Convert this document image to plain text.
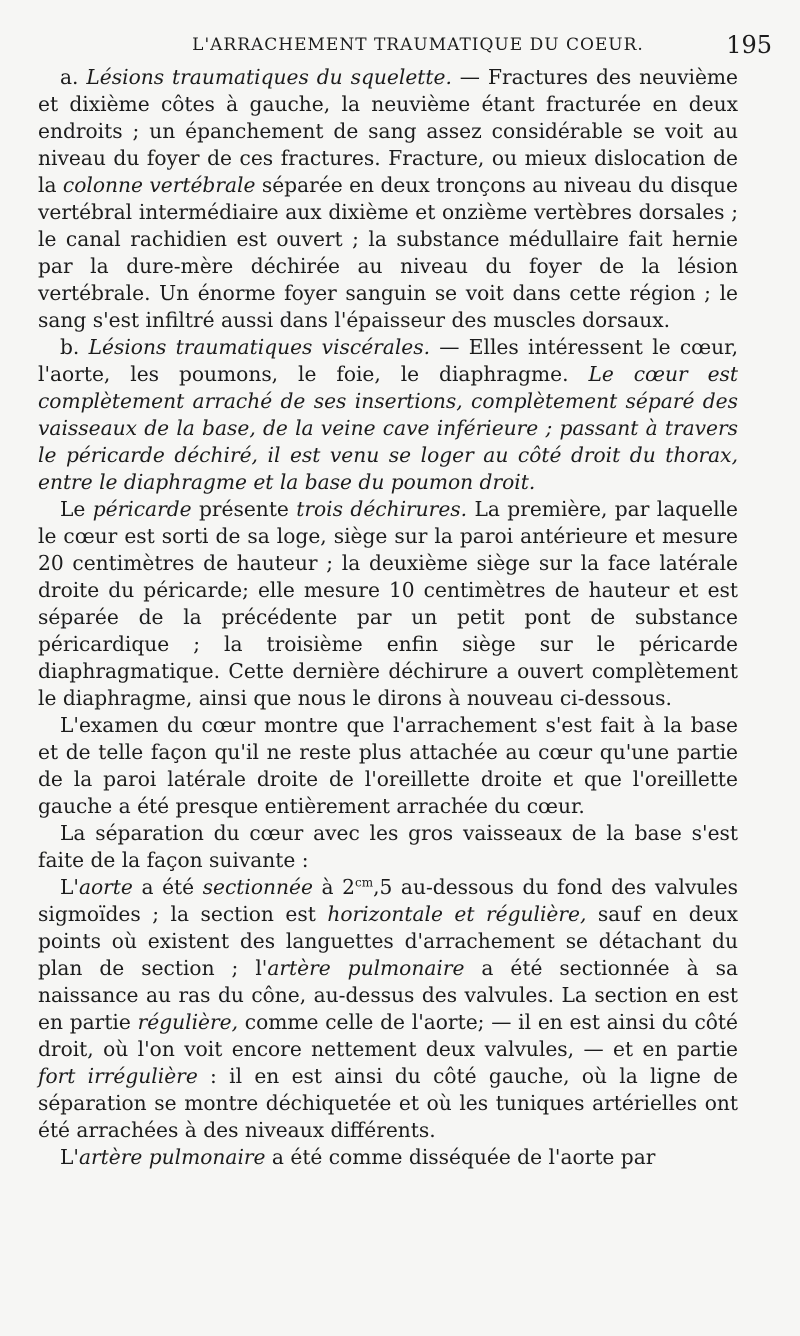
L'ARRACHEMENT TRAUMATIQUE DU COEUR.	195

a. Lésions traumatiques du squelette. — Fractures des neuvième et dixième côtes à gauche, la neuvième étant fracturée en deux endroits ; un épanchement de sang assez considérable se voit au niveau du foyer de ces fractures. Fracture, ou mieux dislocation de la colonne vertébrale séparée en deux tronçons au niveau du disque vertébral intermédiaire aux dixième et onzième vertèbres dorsales ; le canal rachidien est ouvert ; la substance médullaire fait hernie par la dure-mère déchirée au niveau du foyer de la lésion vertébrale. Un énorme foyer sanguin se voit dans cette région ; le sang s'est infiltré aussi dans l'épaisseur des muscles dorsaux.

b. Lésions traumatiques viscérales. — Elles intéressent le cœur, l'aorte, les poumons, le foie, le diaphragme. Le cœur est complètement arraché de ses insertions, complètement séparé des vaisseaux de la base, de la veine cave inférieure ; passant à travers le péricarde déchiré, il est venu se loger au côté droit du thorax, entre le diaphragme et la base du poumon droit.

Le péricarde présente trois déchirures. La première, par laquelle le cœur est sorti de sa loge, siège sur la paroi antérieure et mesure 20 centimètres de hauteur ; la deuxième siège sur la face latérale droite du péricarde; elle mesure 10 centimètres de hauteur et est séparée de la précédente par un petit pont de substance péricardique ; la troisième enfin siège sur le péricarde diaphragmatique. Cette dernière déchirure a ouvert complètement le diaphragme, ainsi que nous le dirons à nouveau ci-dessous.

L'examen du cœur montre que l'arrachement s'est fait à la base et de telle façon qu'il ne reste plus attachée au cœur qu'une partie de la paroi latérale droite de l'oreillette droite et que l'oreillette gauche a été presque entièrement arrachée du cœur.

La séparation du cœur avec les gros vaisseaux de la base s'est faite de la façon suivante :

L'aorte a été sectionnée à $2^{cm},5$ au-dessous du fond des valvules sigmoïdes ; la section est horizontale et régulière, sauf en deux points où existent des languettes d'arrachement se détachant du plan de section ; l'artère pulmonaire a été sectionnée à sa naissance au ras du cône, au-dessus des valvules. La section en est en partie régulière, comme celle de l'aorte; — il en est ainsi du côté droit, où l'on voit encore nettement deux valvules, — et en partie fort irrégulière : il en est ainsi du côté gauche, où la ligne de séparation se montre déchiquetée et où les tuniques artérielles ont été arrachées à des niveaux différents.

L'artère pulmonaire a été comme disséquée de l'aorte par
